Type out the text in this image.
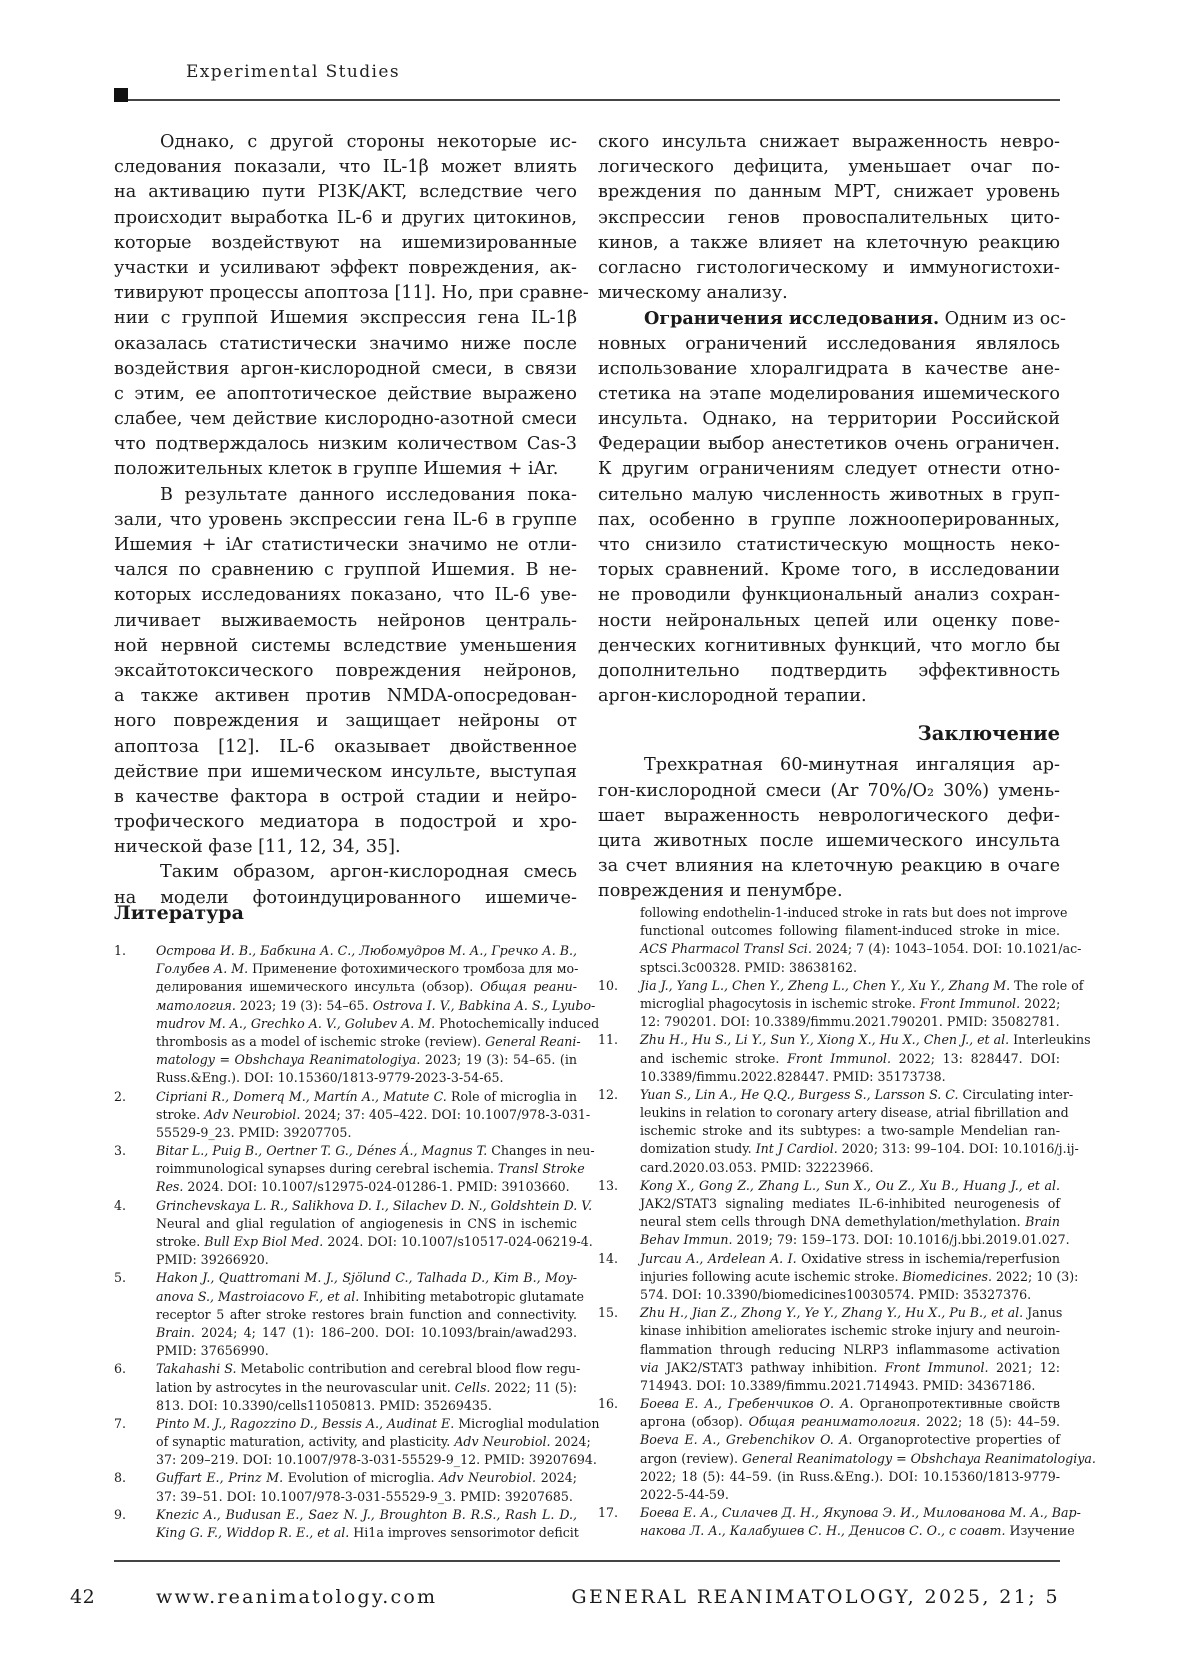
Experimental Studies
Однако, с другой стороны некоторые ис-
следования показали, что IL-1β может влиять
на активацию пути PI3K/AKT, вследствие чего
происходит выработка IL-6 и других цитокинов,
которые воздействуют на ишемизированные
участки и усиливают эффект повреждения, ак-
тивируют процессы апоптоза [11]. Но, при сравне-
нии с группой Ишемия экспрессия гена IL-1β
оказалась статистически значимо ниже после
воздействия аргон-кислородной смеси, в связи
с этим, ее апоптотическое действие выражено
слабее, чем действие кислородно-азотной смеси
что подтверждалось низким количеством Cas-3
положительных клеток в группе Ишемия + iAr.
В результате данного исследования пока-
зали, что уровень экспрессии гена IL-6 в группе
Ишемия + iAr статистически значимо не отли-
чался по сравнению с группой Ишемия. В не-
которых исследованиях показано, что IL-6 уве-
личивает выживаемость нейронов централь-
ной нервной системы вследствие уменьшения
эксайтотоксического повреждения нейронов,
а также активен против NMDA-опосредован-
ного повреждения и защищает нейроны от
апоптоза [12]. IL-6 оказывает двойственное
действие при ишемическом инсульте, выступая
в качестве фактора в острой стадии и нейро-
трофического медиатора в подострой и хро-
нической фазе [11, 12, 34, 35].
Таким образом, аргон-кислородная смесь
на модели фотоиндуцированного ишемиче-
ского инсульта снижает выраженность невро-
логического дефицита, уменьшает очаг по-
вреждения по данным МРТ, снижает уровень
экспрессии генов провоспалительных цито-
кинов, а также влияет на клеточную реакцию
согласно гистологическому и иммуногистохи-
мическому анализу.
Ограничения исследования. Одним из ос-
новных ограничений исследования являлось
использование хлоралгидрата в качестве ане-
стетика на этапе моделирования ишемического
инсульта. Однако, на территории Российской
Федерации выбор анестетиков очень ограничен.
К другим ограничениям следует отнести отно-
сительно малую численность животных в груп-
пах, особенно в группе ложнооперированных,
что снизило статистическую мощность неко-
торых сравнений. Кроме того, в исследовании
не проводили функциональный анализ сохран-
ности нейрональных цепей или оценку пове-
денческих когнитивных функций, что могло бы
дополнительно подтвердить эффективность
аргон-кислородной терапии.
Заключение
Трехкратная 60-минутная ингаляция ар-
гон-кислородной смеси (Ar 70%/O₂ 30%) умень-
шает выраженность неврологического дефи-
цита животных после ишемического инсульта
за счет влияния на клеточную реакцию в очаге
повреждения и пенумбре.
Литература
1. Острова И. В., Бабкина А. С., Любомудров М. А., Гречко А. В.,
Голубев А. М. Применение фотохимического тромбоза для мо-
делирования ишемического инсульта (обзор). Общая реани-
матология. 2023; 19 (3): 54–65. Ostrova I. V., Babkina A. S., Lyubo-
mudrov M. A., Grechko A. V., Golubev A. M. Photochemically induced
thrombosis as a model of ischemic stroke (review). General Reani-
matology = Obshchaya Reanimatologiya. 2023; 19 (3): 54–65. (in
Russ.&Eng.). DOI: 10.15360/1813-9779-2023-3-54-65.
2. Cipriani R., Domerq M., Martín A., Matute C. Role of microglia in
stroke. Adv Neurobiol. 2024; 37: 405–422. DOI: 10.1007/978-3-031-
55529-9_23. PMID: 39207705.
3. Bitar L., Puig B., Oertner T. G., Dénes Á., Magnus T. Changes in neu-
roimmunological synapses during cerebral ischemia. Transl Stroke
Res. 2024. DOI: 10.1007/s12975-024-01286-1. PMID: 39103660.
4. Grinchevskaya L. R., Salikhova D. I., Silachev D. N., Goldshtein D. V.
Neural and glial regulation of angiogenesis in CNS in ischemic
stroke. Bull Exp Biol Med. 2024. DOI: 10.1007/s10517-024-06219-4.
PMID: 39266920.
5. Hakon J., Quattromani M. J., Sjölund C., Talhada D., Kim B., Moy-
anova S., Mastroiacovo F., et al. Inhibiting metabotropic glutamate
receptor 5 after stroke restores brain function and connectivity.
Brain. 2024; 4; 147 (1): 186–200. DOI: 10.1093/brain/awad293.
PMID: 37656990.
6. Takahashi S. Metabolic contribution and cerebral blood flow regu-
lation by astrocytes in the neurovascular unit. Cells. 2022; 11 (5):
813. DOI: 10.3390/cells11050813. PMID: 35269435.
7. Pinto M. J., Ragozzino D., Bessis A., Audinat E. Microglial modulation
of synaptic maturation, activity, and plasticity. Adv Neurobiol. 2024;
37: 209–219. DOI: 10.1007/978-3-031-55529-9_12. PMID: 39207694.
8. Guffart E., Prinz M. Evolution of microglia. Adv Neurobiol. 2024;
37: 39–51. DOI: 10.1007/978-3-031-55529-9_3. PMID: 39207685.
9. Knezic A., Budusan E., Saez N. J., Broughton B. R.S., Rash L. D.,
King G. F., Widdop R. E., et al. Hi1a improves sensorimotor deficit
following endothelin-1-induced stroke in rats but does not improve
functional outcomes following filament-induced stroke in mice.
ACS Pharmacol Transl Sci. 2024; 7 (4): 1043–1054. DOI: 10.1021/ac-
sptsci.3c00328. PMID: 38638162.
10. Jia J., Yang L., Chen Y., Zheng L., Chen Y., Xu Y., Zhang M. The role of
microglial phagocytosis in ischemic stroke. Front Immunol. 2022;
12: 790201. DOI: 10.3389/fimmu.2021.790201. PMID: 35082781.
11. Zhu H., Hu S., Li Y., Sun Y., Xiong X., Hu X., Chen J., et al. Interleukins
and ischemic stroke. Front Immunol. 2022; 13: 828447. DOI:
10.3389/fimmu.2022.828447. PMID: 35173738.
12. Yuan S., Lin A., He Q.Q., Burgess S., Larsson S. C. Circulating inter-
leukins in relation to coronary artery disease, atrial fibrillation and
ischemic stroke and its subtypes: a two-sample Mendelian ran-
domization study. Int J Cardiol. 2020; 313: 99–104. DOI: 10.1016/j.ij-
card.2020.03.053. PMID: 32223966.
13. Kong X., Gong Z., Zhang L., Sun X., Ou Z., Xu B., Huang J., et al.
JAK2/STAT3 signaling mediates IL-6-inhibited neurogenesis of
neural stem cells through DNA demethylation/methylation. Brain
Behav Immun. 2019; 79: 159–173. DOI: 10.1016/j.bbi.2019.01.027.
14. Jurcau A., Ardelean A. I. Oxidative stress in ischemia/reperfusion
injuries following acute ischemic stroke. Biomedicines. 2022; 10 (3):
574. DOI: 10.3390/biomedicines10030574. PMID: 35327376.
15. Zhu H., Jian Z., Zhong Y., Ye Y., Zhang Y., Hu X., Pu B., et al. Janus
kinase inhibition ameliorates ischemic stroke injury and neuroin-
flammation through reducing NLRP3 inflammasome activation
via JAK2/STAT3 pathway inhibition. Front Immunol. 2021; 12:
714943. DOI: 10.3389/fimmu.2021.714943. PMID: 34367186.
16. Боева Е. А., Гребенчиков О. А. Органопротективные свойств
аргона (обзор). Общая реаниматология. 2022; 18 (5): 44–59.
Boeva E. A., Grebenchikov O. A. Organoprotective properties of
argon (review). General Reanimatology = Obshchaya Reanimatologiya.
2022; 18 (5): 44–59. (in Russ.&Eng.). DOI: 10.15360/1813-9779-
2022-5-44-59.
17. Боева Е. А., Силачев Д. Н., Якупова Э. И., Милованова М. А., Вар-
накова Л. А., Калабушев С. Н., Денисов С. О., с соавт. Изучение
42	www.reanimatology.com	GENERAL REANIMATOLOGY, 2025, 21; 5
